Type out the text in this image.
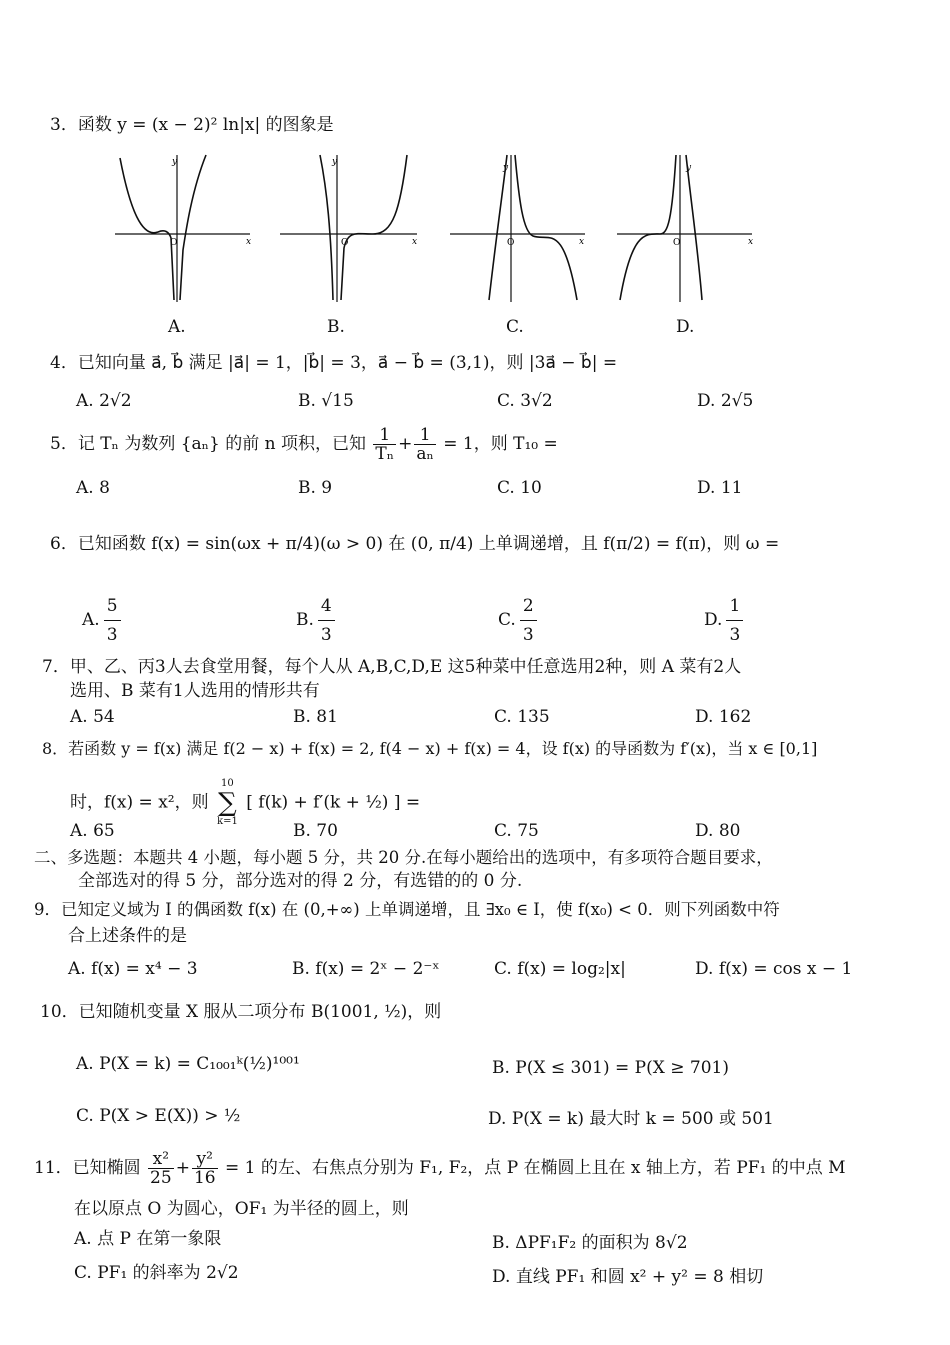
3．函数 y = (x − 2)² ln|x| 的图象是
y
x
O
y
x
O
y
x
O
y
x
O
A.	B.	C.	D.
4．已知向量 a⃗, b⃗ 满足 |a⃗| = 1，|b⃗| = 3，a⃗ − b⃗ = (3,1)，则 |3a⃗ − b⃗| =
A. 2√2	B. √15	C. 3√2	D. 2√5
5．记 Tₙ 为数列 {aₙ} 的前 n 项积，已知 $\frac{1}{\text{Tₙ}} + \frac{1}{\text{aₙ}} = 1$，则 T₁₀ =
A. 8	B. 9	C. 10	D. 11
6．已知函数 f(x) = sin(ωx + π/4)(ω > 0) 在 (0, π/4) 上单调递增，且 f(π/2) = f(π)，则 ω =
A. $\frac{5}{3}$	B. $\frac{4}{3}$	C. $\frac{2}{3}$	D. $\frac{1}{3}$
7．甲、乙、丙3人去食堂用餐，每个人从 A,B,C,D,E 这5种菜中任意选用2种，则 A 菜有2人
选用、B 菜有1人选用的情形共有
A. 54	B. 81	C. 135	D. 162
8．若函数 y = f(x) 满足 f(2 − x) + f(x) = 2, f(4 − x) + f(x) = 4，设 f(x) 的导函数为 f′(x)，当 x ∈ [0,1]
时，f(x) = x²，则
10
∑
k=1
[ f(k) + f′(k + ½) ] =
A. 65	B. 70	C. 75	D. 80
二、多选题：本题共 4 小题，每小题 5 分，共 20 分.在每小题给出的选项中，有多项符合题目要求，
全部选对的得 5 分，部分选对的得 2 分，有选错的的 0 分.
9．已知定义域为 I 的偶函数 f(x) 在 (0,+∞) 上单调递增，且 ∃x₀ ∈ I，使 f(x₀) < 0．则下列函数中符
合上述条件的是
A. f(x) = x⁴ − 3	B. f(x) = 2ˣ − 2⁻ˣ	C. f(x) = log₂|x|	D. f(x) = cos x − 1
10．已知随机变量 X 服从二项分布 B(1001, ½)，则
A. P(X = k) = C₁₀₀₁ᵏ(½)¹⁰⁰¹	B. P(X ≤ 301) = P(X ≥ 701)
C. P(X > E(X)) > ½	D. P(X = k) 最大时 k = 500 或 501
11．已知椭圆 $\frac{\text{x²}}{25} + \frac{\text{y²}}{16} = 1$ 的左、右焦点分别为 F₁, F₂，点 P 在椭圆上且在 x 轴上方，若 PF₁ 的中点 M
在以原点 O 为圆心，OF₁ 为半径的圆上，则
A. 点 P 在第一象限	B. ΔPF₁F₂ 的面积为 8√2
C. PF₁ 的斜率为 2√2	D. 直线 PF₁ 和圆 x² + y² = 8 相切
